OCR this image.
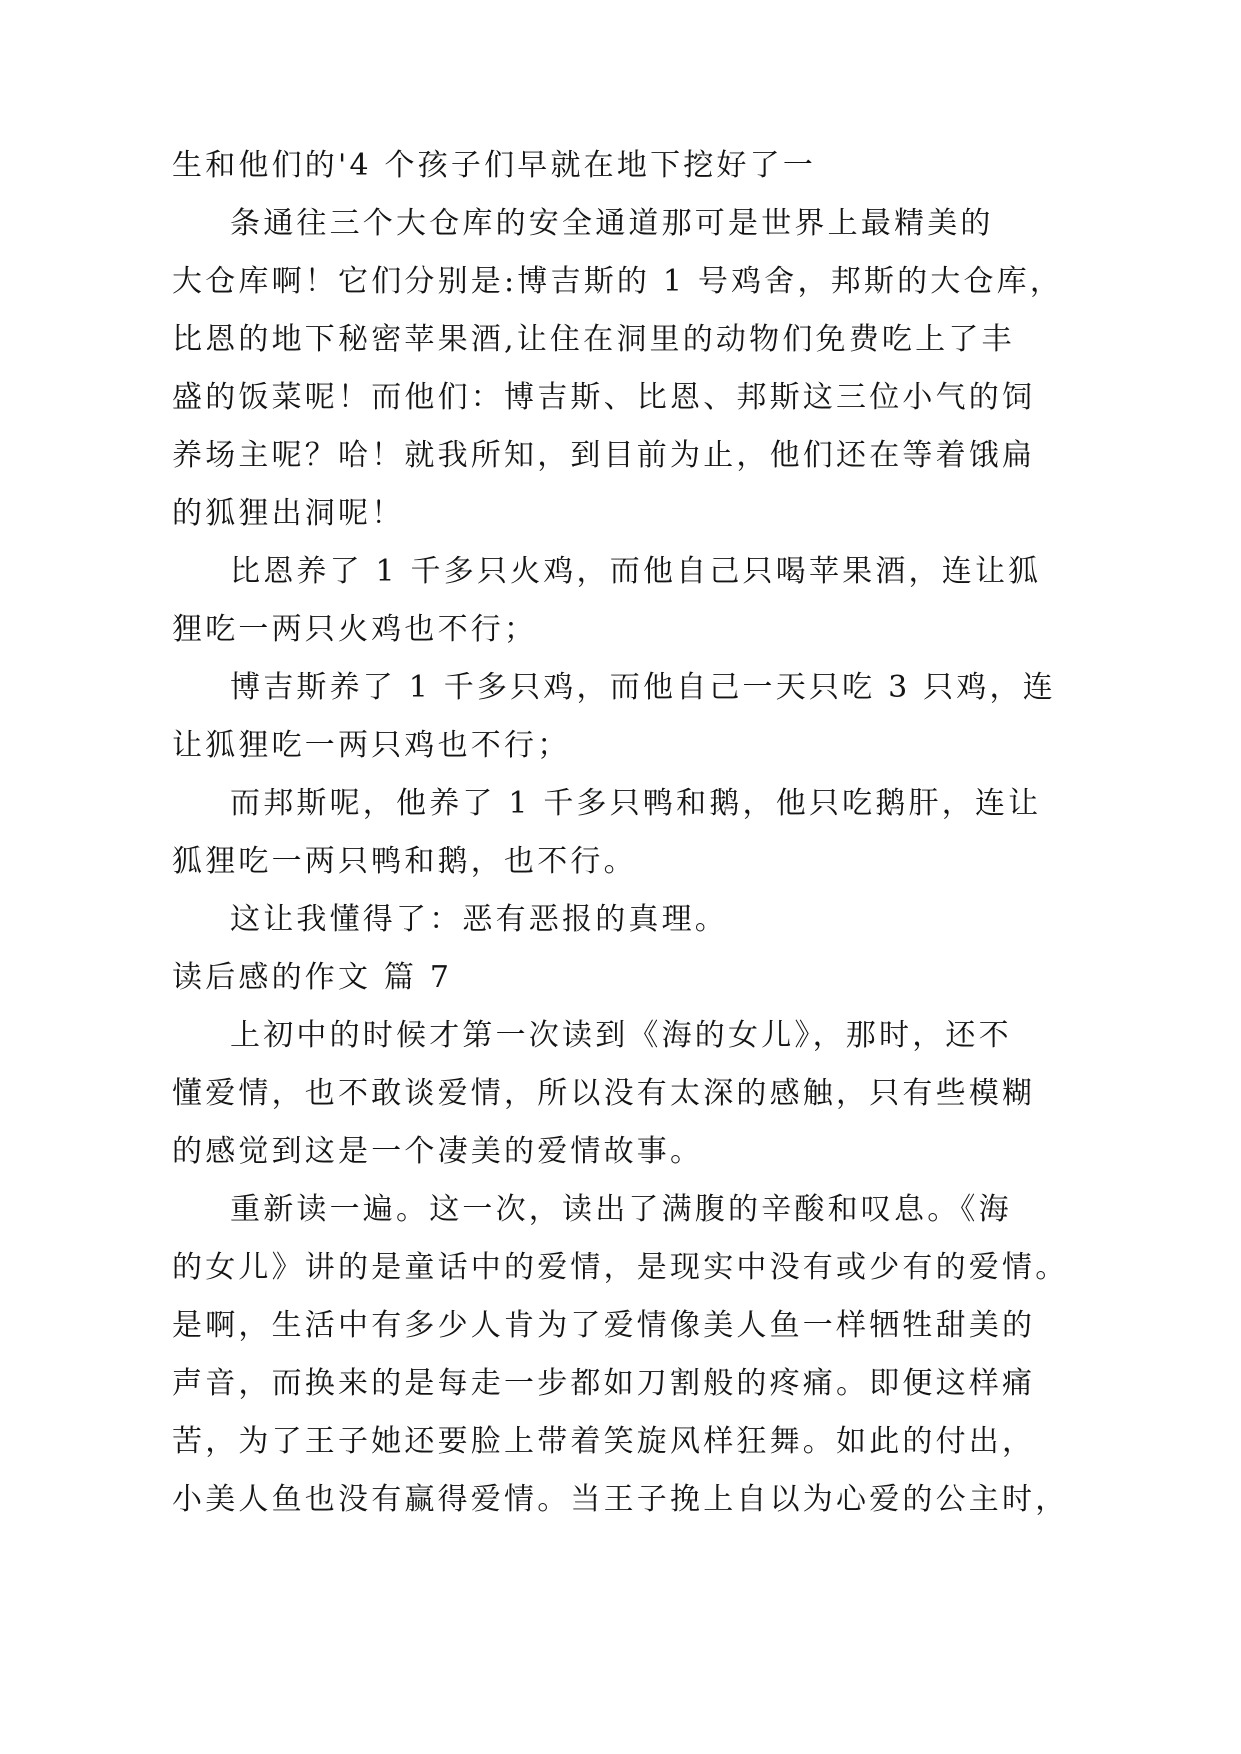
生和他们的'4 个孩子们早就在地下挖好了一
条通往三个大仓库的安全通道那可是世界上最精美的
大仓库啊！它们分别是:博吉斯的 1 号鸡舍，邦斯的大仓库，
比恩的地下秘密苹果酒,让住在洞里的动物们免费吃上了丰
盛的饭菜呢！而他们：博吉斯、比恩、邦斯这三位小气的饲
养场主呢？哈！就我所知，到目前为止，他们还在等着饿扁
的狐狸出洞呢！
比恩养了 1 千多只火鸡，而他自己只喝苹果酒，连让狐
狸吃一两只火鸡也不行；
博吉斯养了 1 千多只鸡，而他自己一天只吃 3 只鸡，连
让狐狸吃一两只鸡也不行；
而邦斯呢，他养了 1 千多只鸭和鹅，他只吃鹅肝，连让
狐狸吃一两只鸭和鹅，也不行。
这让我懂得了：恶有恶报的真理。
读后感的作文 篇 7
上初中的时候才第一次读到《海的女儿》，那时，还不
懂爱情，也不敢谈爱情，所以没有太深的感触，只有些模糊
的感觉到这是一个凄美的爱情故事。
重新读一遍。这一次，读出了满腹的辛酸和叹息。《海
的女儿》讲的是童话中的爱情，是现实中没有或少有的爱情。
是啊，生活中有多少人肯为了爱情像美人鱼一样牺牲甜美的
声音，而换来的是每走一步都如刀割般的疼痛。即便这样痛
苦，为了王子她还要脸上带着笑旋风样狂舞。如此的付出，
小美人鱼也没有赢得爱情。当王子挽上自以为心爱的公主时，
